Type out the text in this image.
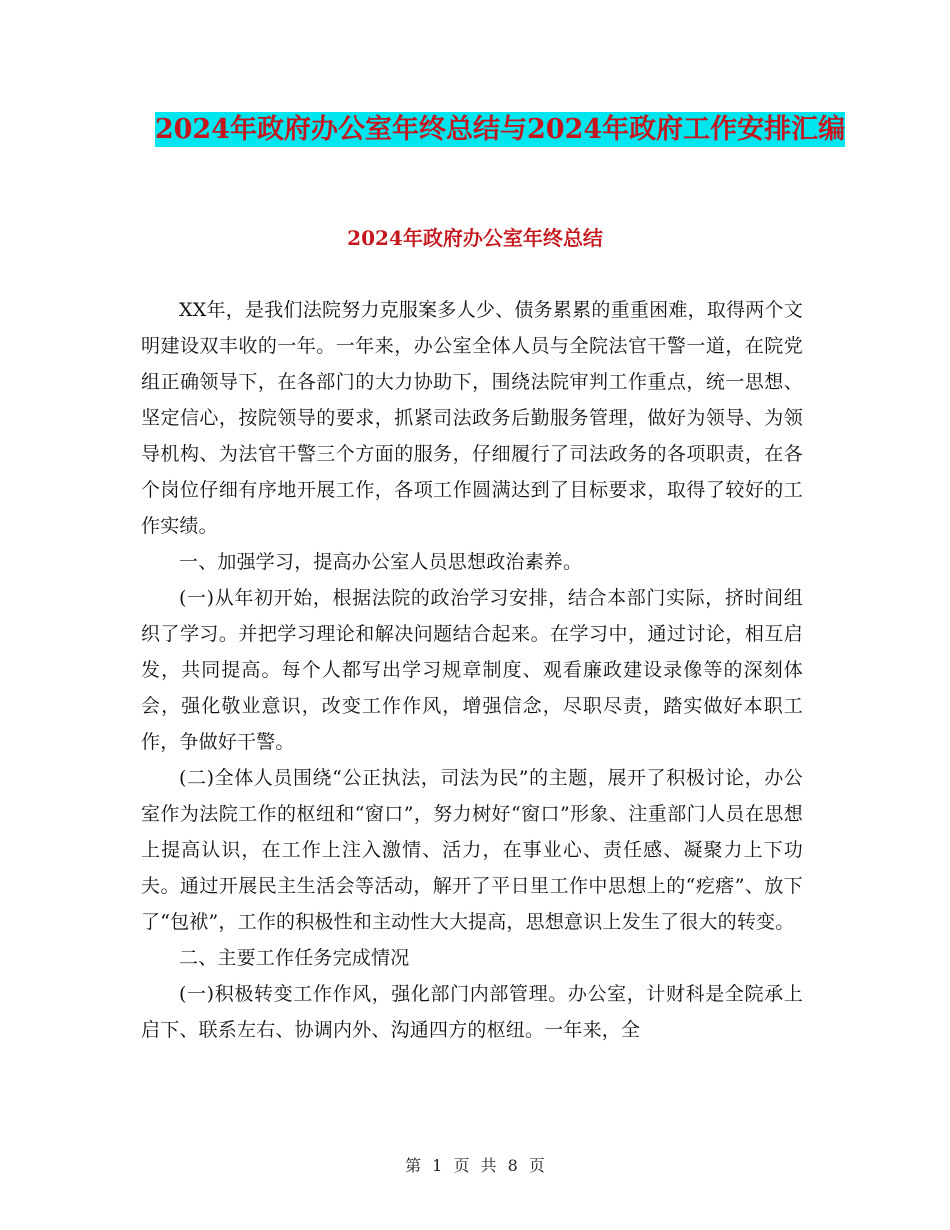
2024年政府办公室年终总结与2024年政府工作安排汇编
2024年政府办公室年终总结

XX年，是我们法院努力克服案多人少、债务累累的重重困难，取得两个文明建设双丰收的一年。一年来，办公室全体人员与全院法官干警一道，在院党组正确领导下，在各部门的大力协助下，围绕法院审判工作重点，统一思想、坚定信心，按院领导的要求，抓紧司法政务后勤服务管理，做好为领导、为领导机构、为法官干警三个方面的服务，仔细履行了司法政务的各项职责，在各个岗位仔细有序地开展工作，各项工作圆满达到了目标要求，取得了较好的工作实绩。

一、加强学习，提高办公室人员思想政治素养。

(一)从年初开始，根据法院的政治学习安排，结合本部门实际，挤时间组织了学习。并把学习理论和解决问题结合起来。在学习中，通过讨论，相互启发，共同提高。每个人都写出学习规章制度、观看廉政建设录像等的深刻体会，强化敬业意识，改变工作作风，增强信念，尽职尽责，踏实做好本职工作，争做好干警。

(二)全体人员围绕“公正执法，司法为民”的主题，展开了积极讨论，办公室作为法院工作的枢纽和“窗口”，努力树好“窗口”形象、注重部门人员在思想上提高认识，在工作上注入激情、活力，在事业心、责任感、凝聚力上下功夫。通过开展民主生活会等活动，解开了平日里工作中思想上的“疙瘩”、放下了“包袱”，工作的积极性和主动性大大提高，思想意识上发生了很大的转变。

二、主要工作任务完成情况

(一)积极转变工作作风，强化部门内部管理。办公室，计财科是全院承上启下、联系左右、协调内外、沟通四方的枢纽。一年来，全

第 1 页 共 8 页
